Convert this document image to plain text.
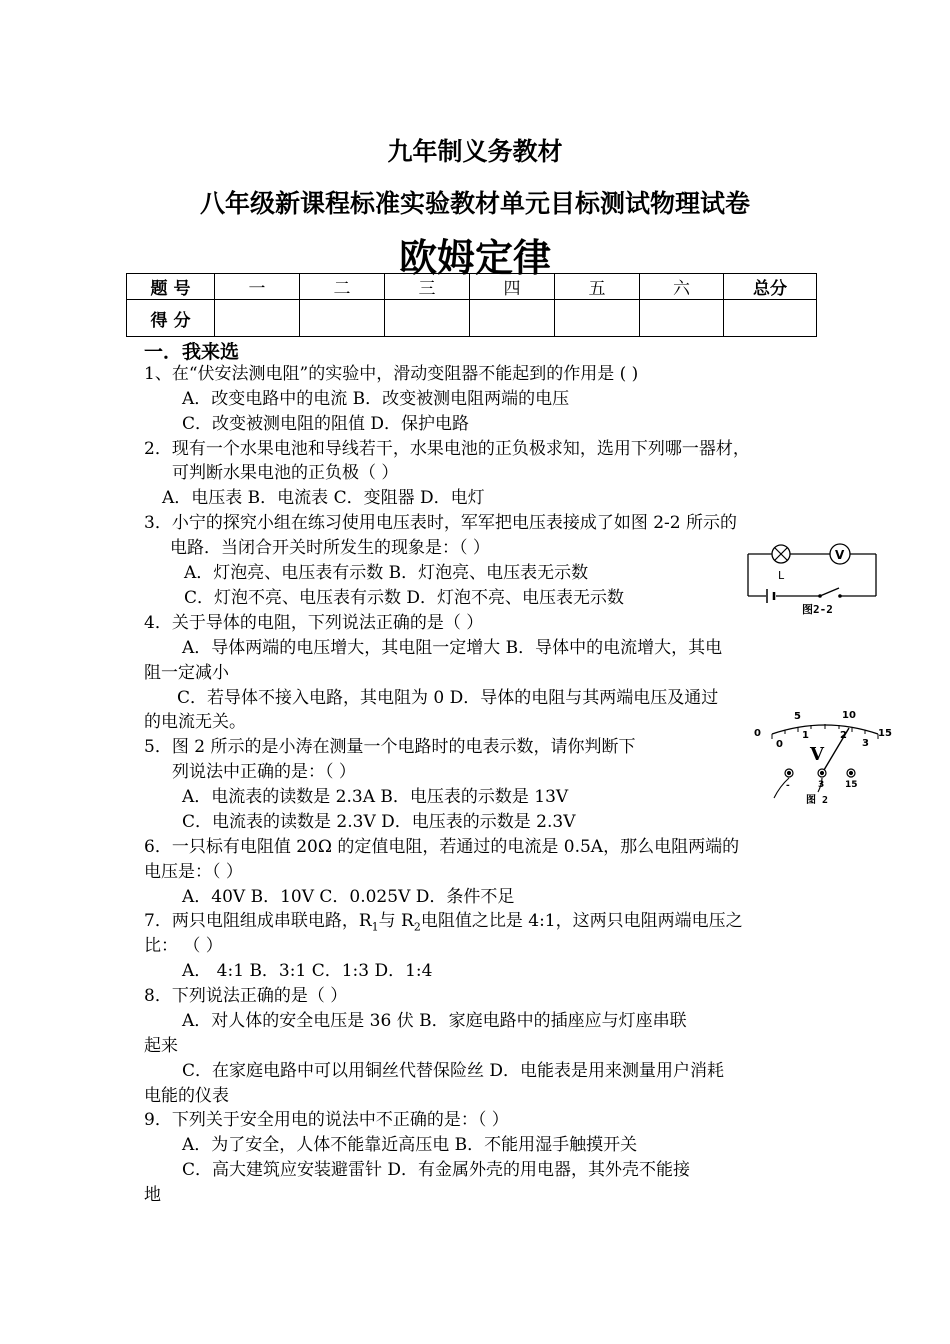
九年制义务教材
八年级新课程标准实验教材单元目标测试物理试卷
欧姆定律
题 号	一	二	三	四	五	六	总分
得 分							
一．我来选
1、在“伏安法测电阻”的实验中，滑动变阻器不能起到的作用是 ( )
A．改变电路中的电流 B．改变被测电阻两端的电压
C．改变被测电阻的阻值 D．保护电路
2．现有一个水果电池和导线若干，水果电池的正负极求知，选用下列哪一器材，
可判断水果电池的正负极（ ）
A．电压表 B．电流表 C．变阻器 D．电灯
3．小宁的探究小组在练习使用电压表时，军军把电压表接成了如图 2-2 所示的
电路．当闭合开关时所发生的现象是：（ ）
A．灯泡亮、电压表有示数 B．灯泡亮、电压表无示数
C．灯泡不亮、电压表有示数 D．灯泡不亮、电压表无示数
L
V
图2-2
4．关于导体的电阻，下列说法正确的是（ ）
A．导体两端的电压增大，其电阻一定增大 B．导体中的电流增大，其电
阻一定减小
C．若导体不接入电路，其电阻为 0 D．导体的电阻与其两端电压及通过
的电流无关。
0
5	10
15
0
1	2
3
V
-	3 15
图 2
5．图 2 所示的是小涛在测量一个电路时的电表示数，请你判断下
列说法中正确的是：（ ）
A．电流表的读数是 2.3A B．电压表的示数是 13V
C．电流表的读数是 2.3V D．电压表的示数是 2.3V
6．一只标有电阻值 20Ω 的定值电阻，若通过的电流是 0.5A，那么电阻两端的
电压是：（ ）
A．40V B．10V C．0.025V D．条件不足
7．两只电阻组成串联电路，$R_1$与 $R_2$电阻值之比是 4:1，这两只电阻两端电压之
比： （ ）
A． 4:1 B．3:1 C．1:3 D．1:4
8．下列说法正确的是（ ）
A．对人体的安全电压是 36 伏 B．家庭电路中的插座应与灯座串联
起来
C．在家庭电路中可以用铜丝代替保险丝 D．电能表是用来测量用户消耗
电能的仪表
9．下列关于安全用电的说法中不正确的是：（ ）
A．为了安全，人体不能靠近高压电 B．不能用湿手触摸开关
C．高大建筑应安装避雷针 D．有金属外壳的用电器，其外壳不能接
地
